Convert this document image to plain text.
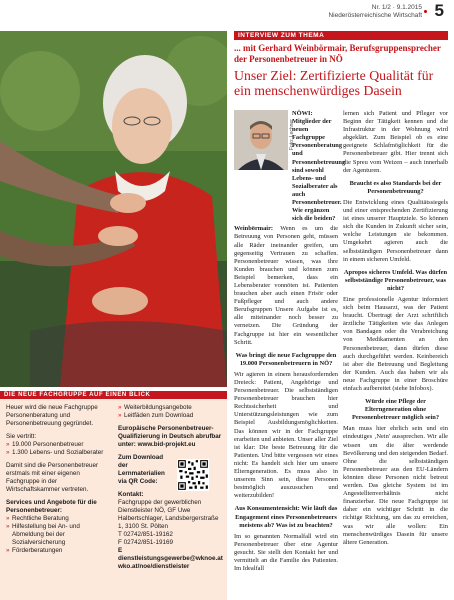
Nr. 1/2 · 9.1.2015
Niederösterreichische Wirtschaft 5
INTERVIEW ZUM THEMA
... mit Gerhard Weinbörmair, Berufsgruppensprecher der Personenbetreuer in NÖ
Unser Ziel: Zertifizierte Qualität für ein menschenwürdiges Dasein
Foto: Lechner

NÖWI: Mitglieder der neuen Fachgruppe Personenberatung und Personenbetreuung sind sowohl Lebens- und Sozialberater als auch Personenbetreuer. Wie ergänzen sich die beiden?

Weinbörmair: Wenn es um die Betreuung von Personen geht, müssen alle Räder ineinander greifen, um gegenseitig Vertrauen zu schaffen. Personenbetreuer wissen, was ihre Kunden brauchen und können zum Beispiel bemerken, dass ein Lebensberater vonnöten ist. Patienten brauchen aber auch einen Frisör oder Fußpfleger und auch andere Berufsgruppen Unsere Aufgabe ist es, alle miteinander noch besser zu vernetzen. Die Gründung der Fachgruppe ist hier ein wesentlicher Schritt.

Was bringt die neue Fachgruppe den 19.000 Personenbetreuern in NÖ?

Wir agieren in einem herausfordernden Dreieck: Patient, Angehörige und Personenbetreuer. Die selbstständigen Personenbetreuer brauchen hier Rechtssicherheit und Unterstützungsleistungen wie zum Beispiel Ausbildungsmöglichkeiten. Das können wir in der Fachgruppe erarbeiten und anbieten. Unser aller Ziel ist klar: Die beste Betreuung für die Patienten. Und bitte vergessen wir eines nicht: Es handelt sich hier um unsere Elterngeneration. Es muss also in unserem Sinn sein, diese Personen bestmöglich auszusuchen und weiterzubilden!

Aus Konsumentensicht: Wie läuft das Engagement eines Personenbetreuers meistens ab? Was ist zu beachten?

Im so genannten Normalfall wird ein Personenbetreuer über eine Agentur gesucht. Sie stellt den Kontakt her und vermittelt an die Familie des Patienten. Im Idealfall

lernen sich Patient und Pfleger vor Beginn der Tätigkeit kennen und die Infrastruktur in der Wohnung wird abgeklärt. Zum Beispiel ob es eine geeignete Schlafmöglichkeit für die Personenbetreuer gibt. Hier trennt sich die Spreu vom Weizen – auch innerhalb der Agenturen.

Braucht es also Standards bei der Personenbetreuung?

Die Entwicklung eines Qualitätssiegels und einer entsprechenden Zertifizierung ist eines unserer Hauptziele. So können sich die Kunden in Zukunft sicher sein, welche Leistungen sie bekommen. Umgekehrt agieren auch die selbstständigen Personenbetreuer dann in einem sicheren Umfeld.

Apropos sicheres Umfeld. Was dürfen selbstständige Personenbetreuer, was nicht?

Eine professionelle Agentur informiert sich beim Hausarzt, was der Patient braucht. Übertragt der Arzt schriftlich ärztliche Tätigkeiten wie das Anlegen von Bandagen oder die Verabreichung von Medikamenten an den Personenbetreuer, dann dürfen diese auch durchgeführt werden. Keinbereich ist aber die Betreuung und Begleitung der Kunden. Auch das haben wir als neue Fachgruppe in einer Broschüre einfach aufbereitet (siehe Infobox).

Würde eine Pflege der Elterngeneration ohne Personenbetreuer möglich sein?

Man muss hier ehrlich sein und ein eindeutiges ‚Nein' aussprechen. Wir alle wissen um die älter werdende Bevölkerung und den steigenden Bedarf. Ohne die selbstständigen Personenbetreuer aus den EU-Ländern könnten diese Personen nicht betreut werden. Das gleiche System ist im Angestelltenverhältnis nicht finanzierbar. Die neue Fachgruppe ist daher ein wichtiger Schritt in die richtige Richtung, um das zu erreichen, was wir alle wollen: Ein menschenwürdiges Dasein für unsere ältere Generation.

DIE NEUE FACHGRUPPE AUF EINEN BLICK

Heuer wird die neue Fachgruppe Personenberatung und Personenbetreuung gegründet.

Sie vertritt:
» 19.000 Personenbetreuer
» 1.300 Lebens- und Sozialberater

Damit sind die Personenbetreuer erstmals mit einer eigenen Fachgruppe in der Wirtschaftskammer vertreten.

Services und Angebote für die Personenbetreuer:
» Rechtliche Beratung
» Hilfestellung bei An- und Abmeldung bei der Sozialversicherung
» Förderberatungen
» Weiterbildungsangebote
» Leitfäden zum Download

Europäische Personenbetreuer-Qualifizierung in Deutsch abrufbar unter: www.bid-projekt.eu

Zum Download der Lernmaterialien via QR Code:

Kontakt:
Fachgruppe der gewerblichen Dienstleister NÖ, GF Uwe Halbertschlager, Landsbergerstraße 1, 3100 St. Pölten
T 02742/851-19162
F 02742/851-19169
E dienstleistungsgewerbe@wknoe.at
wko.at/noe/dienstleister
